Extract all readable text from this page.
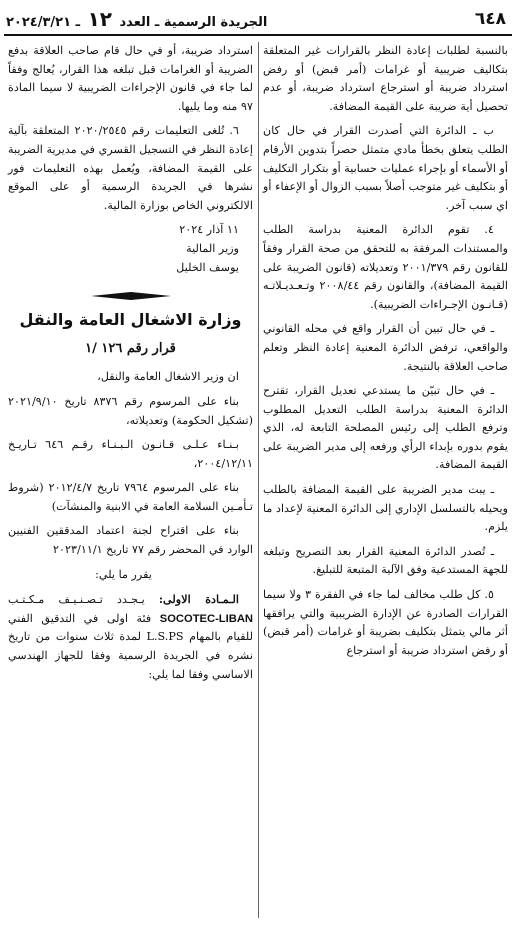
٦٤٨
الجريدة الرسمية ـ العدد ١٢ ـ ٢٠٢٤/٣/٢١

بالنسبة لطلبات إعادة النظر بالقرارات غير المتعلقة بتكاليف ضريبية أو غرامات (أمر قبض) أو رفض استرداد ضريبة أو استرجاع استرداد ضريبة، أو عدم تحصيل أية ضريبة على القيمة المضافة.

ب ـ الدائرة التي أصدرت القرار في حال كان الطلب يتعلق بخطأ مادي متمثل حصراً بتدوين الأرقام أو الأسماء أو بإجراء عمليات حسابية أو بتكرار التكليف أو بتكليف غير متوجب أصلاً بسبب الزوال أو الإعفاء أو اي سبب آخر.

٤. تقوم الدائرة المعنية بدراسة الطلب والمستندات المرفقة به للتحقق من صحة القرار وفقاً للقانون رقم ٢٠٠١/٣٧٩ وتعديلاته (قانون الضريبة على القيمة المضافة)، والقانون رقم ٢٠٠٨/٤٤ وتـعـديـلاتـه (قـانـون الإجـراءات الضريبية).

ـ في حال تبين أن القرار واقع في محله القانوني والواقعي، ترفض الدائرة المعنية إعادة النظر وتعلم صاحب العلاقة بالنتيجة.

ـ في حال تبيّن ما يستدعي تعديل القرار، تقترح الدائرة المعنية بدراسة الطلب التعديل المطلوب وترفع الطلب إلى رئيس المصلحة التابعة له، الذي يقوم بدوره بإبداء الرأي ورفعه إلى مدير الضريبة على القيمة المضافة.

ـ يبت مدير الضريبة على القيمة المضافة بالطلب ويحيله بالتسلسل الإداري إلى الدائرة المعنية لإعداد ما يلزم.

ـ تُصدر الدائرة المعنية القرار بعد التصريح وتبلغه للجهة المستدعية وفق الآلية المتبعة للتبليغ.

٥. كل طلب مخالف لما جاء في الفقرة ٣ ولا سيما القرارات الصادرة عن الإدارة الضريبية والتي يرافقها أثر مالي يتمثل بتكليف بضريبة أو غرامات (أمر قبض) أو رفض استرداد ضريبة أو استرجاع

استرداد ضريبة، أو في حال قام صاحب العلاقة بدفع الضريبة أو الغرامات قبل تبلغه هذا القرار، يُعالج وفقاً لما جاء في قانون الإجراءات الضريبية لا سيما المادة ٩٧ منه وما يليها.

٦. تُلغى التعليمات رقم ٢٠٢٠/٢٥٤٥ المتعلقة بآلية إعادة النظر في التسجيل القسري في مديرية الضريبة على القيمة المضافة، ويُعمل بهذه التعليمات فور نشرها في الجريدة الرسمية أو على الموقع الالكتروني الخاص بوزارة المالية.

١١ آذار ٢٠٢٤

وزير المالية

يوسف الخليل

وزارة الاشغال العامة والنقل
قرار رقم ١٢٦ /١

ان وزير الاشغال العامة والنقل،

بناء على المرسوم رقم ٨٣٧٦ تاريخ ٢٠٢١/٩/١٠ (تشكيل الحكومة) وتعديلاته،

بـنـاء عـلـى قـانـون الـبـنـاء رقـم ٦٤٦ تـاريـخ ٢٠٠٤/١٢/١١،

بناء على المرسوم ٧٩٦٤ تاريخ ٢٠١٢/٤/٧ (شروط تـأمـين السلامة العامة في الابنية والمنشآت)

بناء على اقتراح لجنة اعتماد المدققين الفنيين الوارد في المحضر رقم ٧٧ تاريخ ٢٠٢٣/١١/١

يقرر ما يلي:

الـمـادة الاولى: يـجـدد تـصـنـيـف مـكـتـب SOCOTEC-LIBAN فئة اولى في التدقيق الفني للقيام بالمهام L.S.PS لمدة ثلاث سنوات من تاريخ نشره في الجريدة الرسمية وفقا للجهاز الهندسي الاساسي وفقا لما يلي:
